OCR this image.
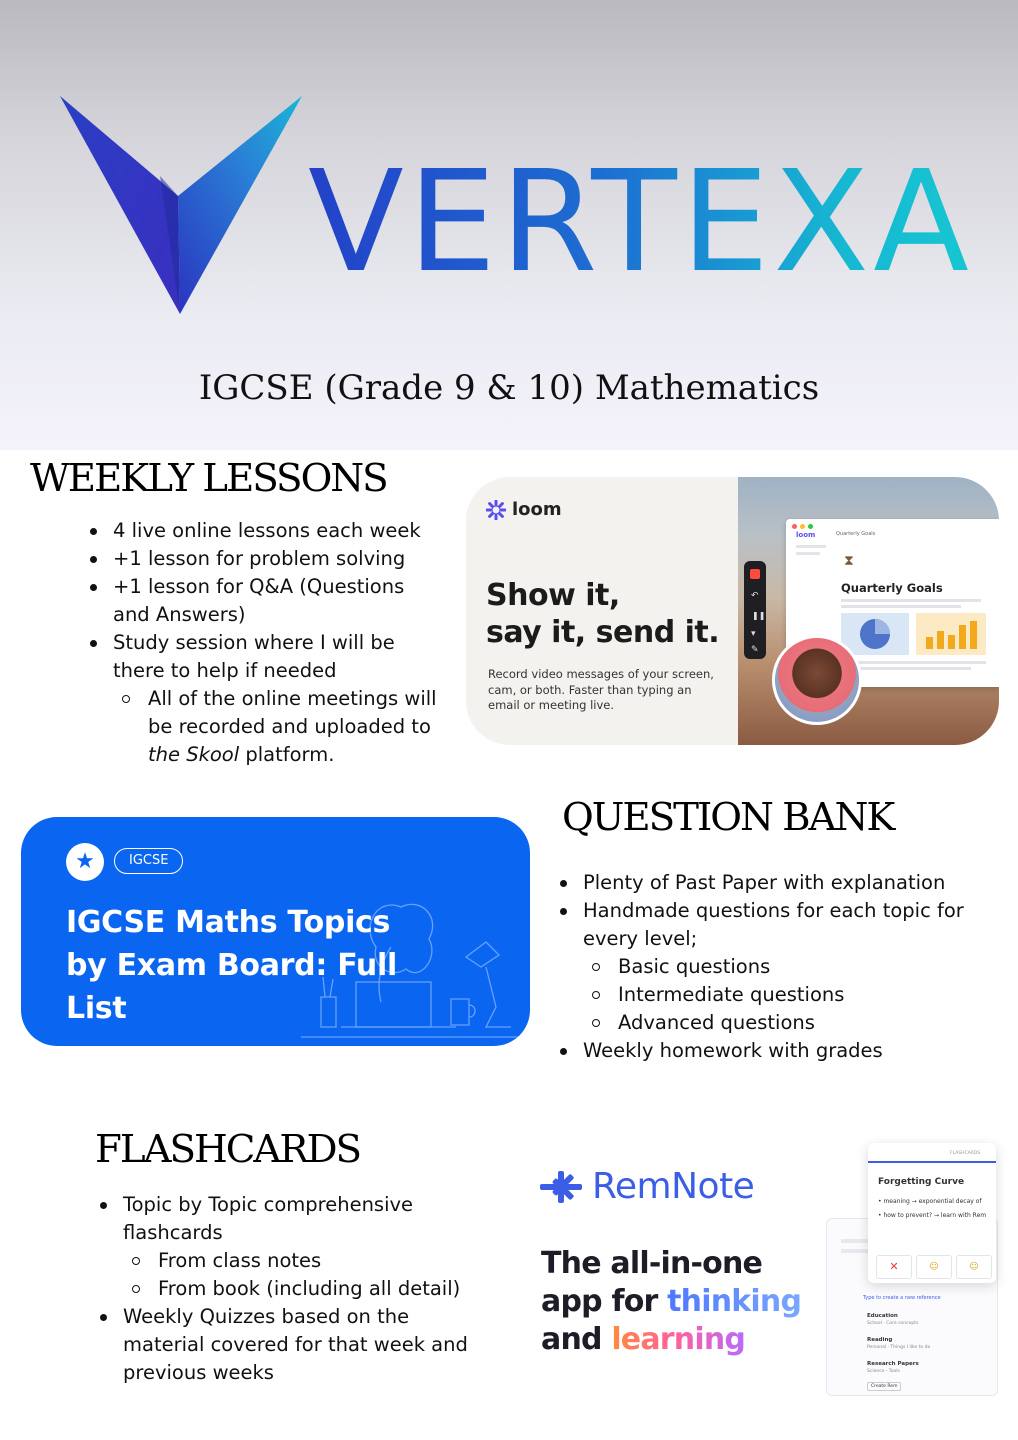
VERTEXA
IGCSE (Grade 9 & 10) Mathematics
WEEKLY LESSONS
4 live online lessons each week
+1 lesson for problem solving
+1 lesson for Q&A (Questions and Answers)
Study session where I will be there to help if needed
All of the online meetings will be recorded and uploaded to the Skool platform.
loom
Show it,
say it, send it.
Record video messages of your screen, cam, or both. Faster than typing an email or meeting live.
↶
❚❚
▾
✎
loom	Quarterly Goals
⧗
Quarterly Goals
QUESTION BANK
Plenty of Past Paper with explanation
Handmade questions for each topic for every level;
Basic questions
Intermediate questions
Advanced questions
Weekly homework with grades
★	IGCSE
IGCSE Maths Topics by Exam Board: Full List
FLASHCARDS
Topic by Topic comprehensive flashcards
From class notes
From book (including all detail)
Weekly Quizzes based on the material covered for that week and previous weeks
RemNote
The all-in-one
app for thinking
and learning
Type to create a new reference
Education
School · Core concepts
Reading
Personal · Things I like to do
Research Papers
Science · Tools
Create Rem
FLASHCARDS
Forgetting Curve
• meaning → exponential decay of
• how to prevent? → learn with Rem
✕	☺	☺
